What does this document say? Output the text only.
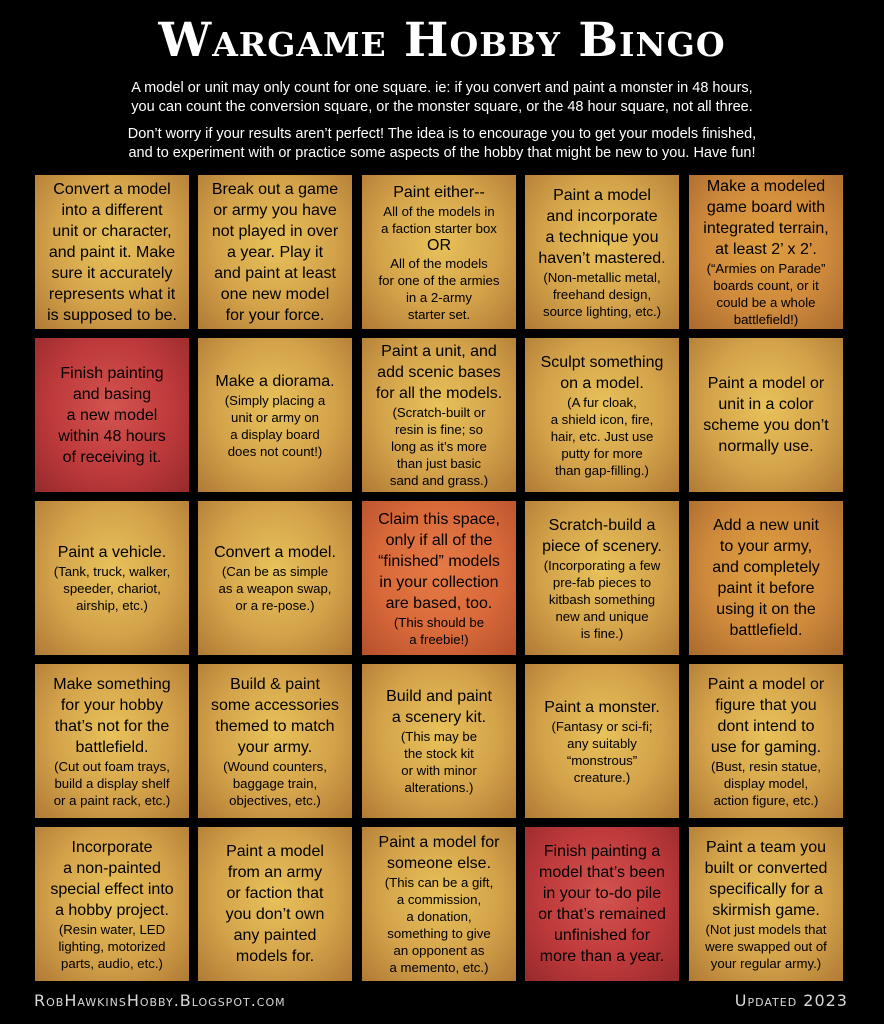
Wargame Hobby Bingo
A model or unit may only count for one square. ie: if you convert and paint a monster in 48 hours,
you can count the conversion square, or the monster square, or the 48 hour square, not all three.
Don’t worry if your results aren’t perfect! The idea is to encourage you to get your models finished,
and to experiment with or practice some aspects of the hobby that might be new to you. Have fun!
Convert a model
into a different
unit or character,
and paint it. Make
sure it accurately
represents what it
is supposed to be.
Break out a game
or army you have
not played in over
a year. Play it
and paint at least
one new model
for your force.
Paint either--
All of the models in
a faction starter box
OR
All of the models
for one of the armies
in a 2-army
starter set.
Paint a model
and incorporate
a technique you
haven’t mastered.
(Non-metallic metal,
freehand design,
source lighting, etc.)
Make a modeled
game board with
integrated terrain,
at least 2’ x 2’.
(“Armies on Parade”
boards count, or it
could be a whole
battlefield!)
Finish painting
and basing
a new model
within 48 hours
of receiving it.
Make a diorama.
(Simply placing a
unit or army on
a display board
does not count!)
Paint a unit, and
add scenic bases
for all the models.
(Scratch-built or
resin is fine; so
long as it’s more
than just basic
sand and grass.)
Sculpt something
on a model.
(A fur cloak,
a shield icon, fire,
hair, etc. Just use
putty for more
than gap-filling.)
Paint a model or
unit in a color
scheme you don’t
normally use.
Paint a vehicle.
(Tank, truck, walker,
speeder, chariot,
airship, etc.)
Convert a model.
(Can be as simple
as a weapon swap,
or a re-pose.)
Claim this space,
only if all of the
“finished” models
in your collection
are based, too.
(This should be
a freebie!)
Scratch-build a
piece of scenery.
(Incorporating a few
pre-fab pieces to
kitbash something
new and unique
is fine.)
Add a new unit
to your army,
and completely
paint it before
using it on the
battlefield.
Make something
for your hobby
that’s not for the
battlefield.
(Cut out foam trays,
build a display shelf
or a paint rack, etc.)
Build & paint
some accessories
themed to match
your army.
(Wound counters,
baggage train,
objectives, etc.)
Build and paint
a scenery kit.
(This may be
the stock kit
or with minor
alterations.)
Paint a monster.
(Fantasy or sci-fi;
any suitably
“monstrous”
creature.)
Paint a model or
figure that you
dont intend to
use for gaming.
(Bust, resin statue,
display model,
action figure, etc.)
Incorporate
a non-painted
special effect into
a hobby project.
(Resin water, LED
lighting, motorized
parts, audio, etc.)
Paint a model
from an army
or faction that
you don’t own
any painted
models for.
Paint a model for
someone else.
(This can be a gift,
a commission,
a donation,
something to give
an opponent as
a memento, etc.)
Finish painting a
model that’s been
in your to-do pile
or that’s remained
unfinished for
more than a year.
Paint a team you
built or converted
specifically for a
skirmish game.
(Not just models that
were swapped out of
your regular army.)
RobHawkinsHobby.Blogspot.com	Updated 2023
